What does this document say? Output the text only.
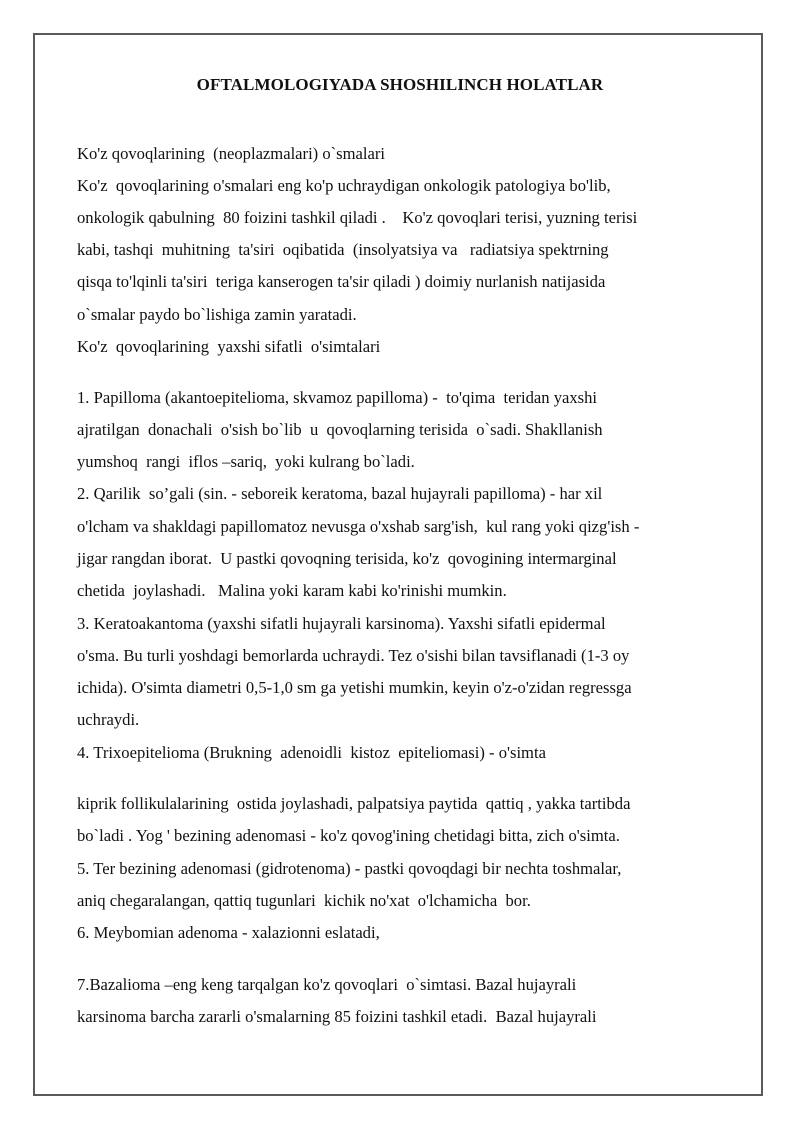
OFTALMOLOGIYADA SHOSHILINCH HOLATLAR
Ko'z qovoqlarining  (neoplazmalari) o`smalari
Ko'z  qovoqlarining o'smalari eng ko'p uchraydigan onkologik patologiya bo'lib,
onkologik qabulning  80 foizini tashkil qiladi .    Ko'z qovoqlari terisi, yuzning terisi
kabi, tashqi  muhitning  ta'siri  oqibatida  (insolyatsiya va   radiatsiya spektrning
qisqa to'lqinli ta'siri  teriga kanserogen ta'sir qiladi ) doimiy nurlanish natijasida
o`smalar paydo bo`lishiga zamin yaratadi.
Ko'z  qovoqlarining  yaxshi sifatli  o'simtalari
1. Papilloma (akantoepitelioma, skvamoz papilloma) -  to'qima  teridan yaxshi
ajratilgan  donachali  o'sish bo`lib  u  qovoqlarning terisida  o`sadi. Shakllanish
yumshoq  rangi  iflos –sariq,  yoki kulrang bo`ladi.
2. Qarilik  so’gali (sin. - seboreik keratoma, bazal hujayrali papilloma) - har xil
o'lcham va shakldagi papillomatoz nevusga o'xshab sarg'ish,  kul rang yoki qizg'ish -
jigar rangdan iborat.  U pastki qovoqning terisida, ko'z  qovogining intermarginal
chetida  joylashadi.   Malina yoki karam kabi ko'rinishi mumkin.
3. Keratoakantoma (yaxshi sifatli hujayrali karsinoma). Yaxshi sifatli epidermal
o'sma. Bu turli yoshdagi bemorlarda uchraydi. Tez o'sishi bilan tavsiflanadi (1-3 oy
ichida). O'simta diametri 0,5-1,0 sm ga yetishi mumkin, keyin o'z-o'zidan regressga
uchraydi.
4. Trixoepitelioma (Brukning  adenoidli  kistoz  epiteliomasi) - o'simta
kiprik follikulalarining  ostida joylashadi, palpatsiya paytida  qattiq , yakka tartibda
bo`ladi . Yog ' bezining adenomasi - ko'z qovog'ining chetidagi bitta, zich o'simta.
5. Ter bezining adenomasi (gidrotenoma) - pastki qovoqdagi bir nechta toshmalar,
aniq chegaralangan, qattiq tugunlari  kichik no'xat  o'lchamicha  bor.
6. Meybomian adenoma - xalazionni eslatadi,
7.Bazalioma –eng keng tarqalgan ko'z qovoqlari  o`simtasi. Bazal hujayrali
karsinoma barcha zararli o'smalarning 85 foizini tashkil etadi.  Bazal hujayrali
